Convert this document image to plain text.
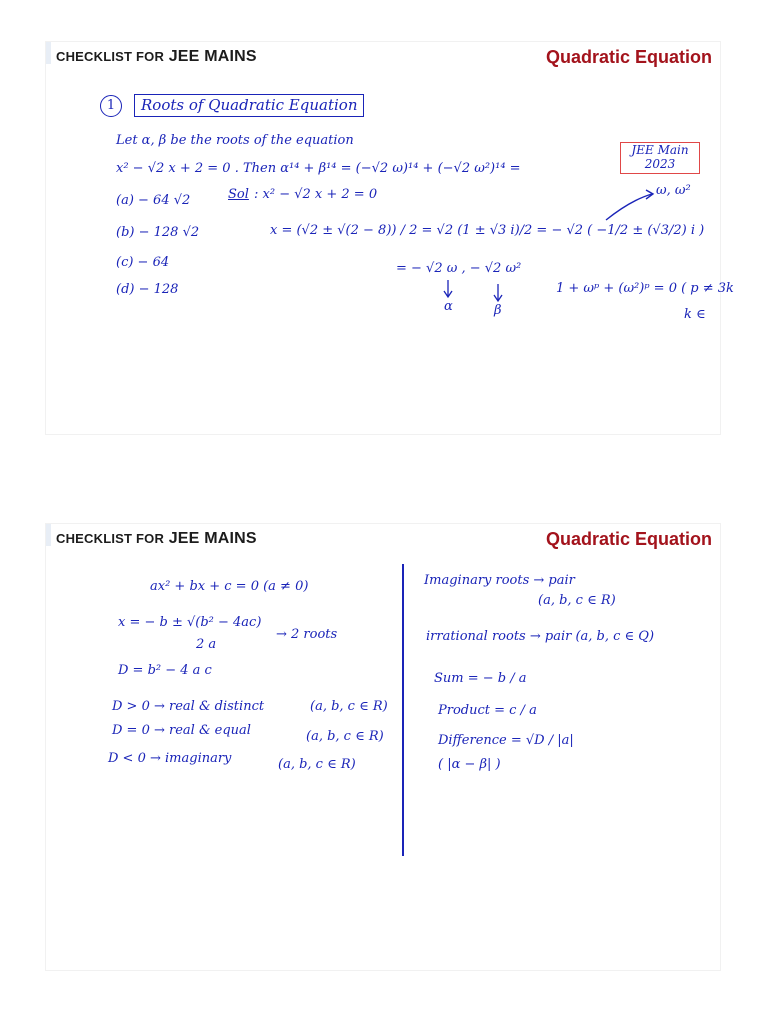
CHECKLIST FOR JEE MAINS	Quadratic Equation
1	Roots of Quadratic Equation
Let α, β be the roots of the equation
x² − √2 x + 2 = 0 . Then α¹⁴ + β¹⁴ = (−√2 ω)¹⁴ + (−√2 ω²)¹⁴ =
JEE Main
2023
(a) − 64 √2
(b) − 128 √2
(c) − 64
(d) − 128
Sol : x² − √2 x + 2 = 0
x = (√2 ± √(2 − 8)) / 2 = √2 (1 ± √3 i)/2 = − √2 ( −1/2 ± (√3/2) i )
ω, ω²
= − √2 ω , − √2 ω²
α	β
1 + ωᵖ + (ω²)ᵖ = 0 ( p ≠ 3k
k ∈
CHECKLIST FOR JEE MAINS	Quadratic Equation
ax² + bx + c = 0 (a ≠ 0)
x = − b ± √(b² − 4ac)
2 a
→ 2 roots
D = b² − 4 a c
D > 0 → real & distinct	(a, b, c ∈ R)
D = 0 → real & equal	(a, b, c ∈ R)
D < 0 → imaginary	(a, b, c ∈ R)
Imaginary roots → pair
(a, b, c ∈ R)
irrational roots → pair (a, b, c ∈ Q)
Sum = − b / a
Product = c / a
Difference = √D / |a|
( |α − β| )
